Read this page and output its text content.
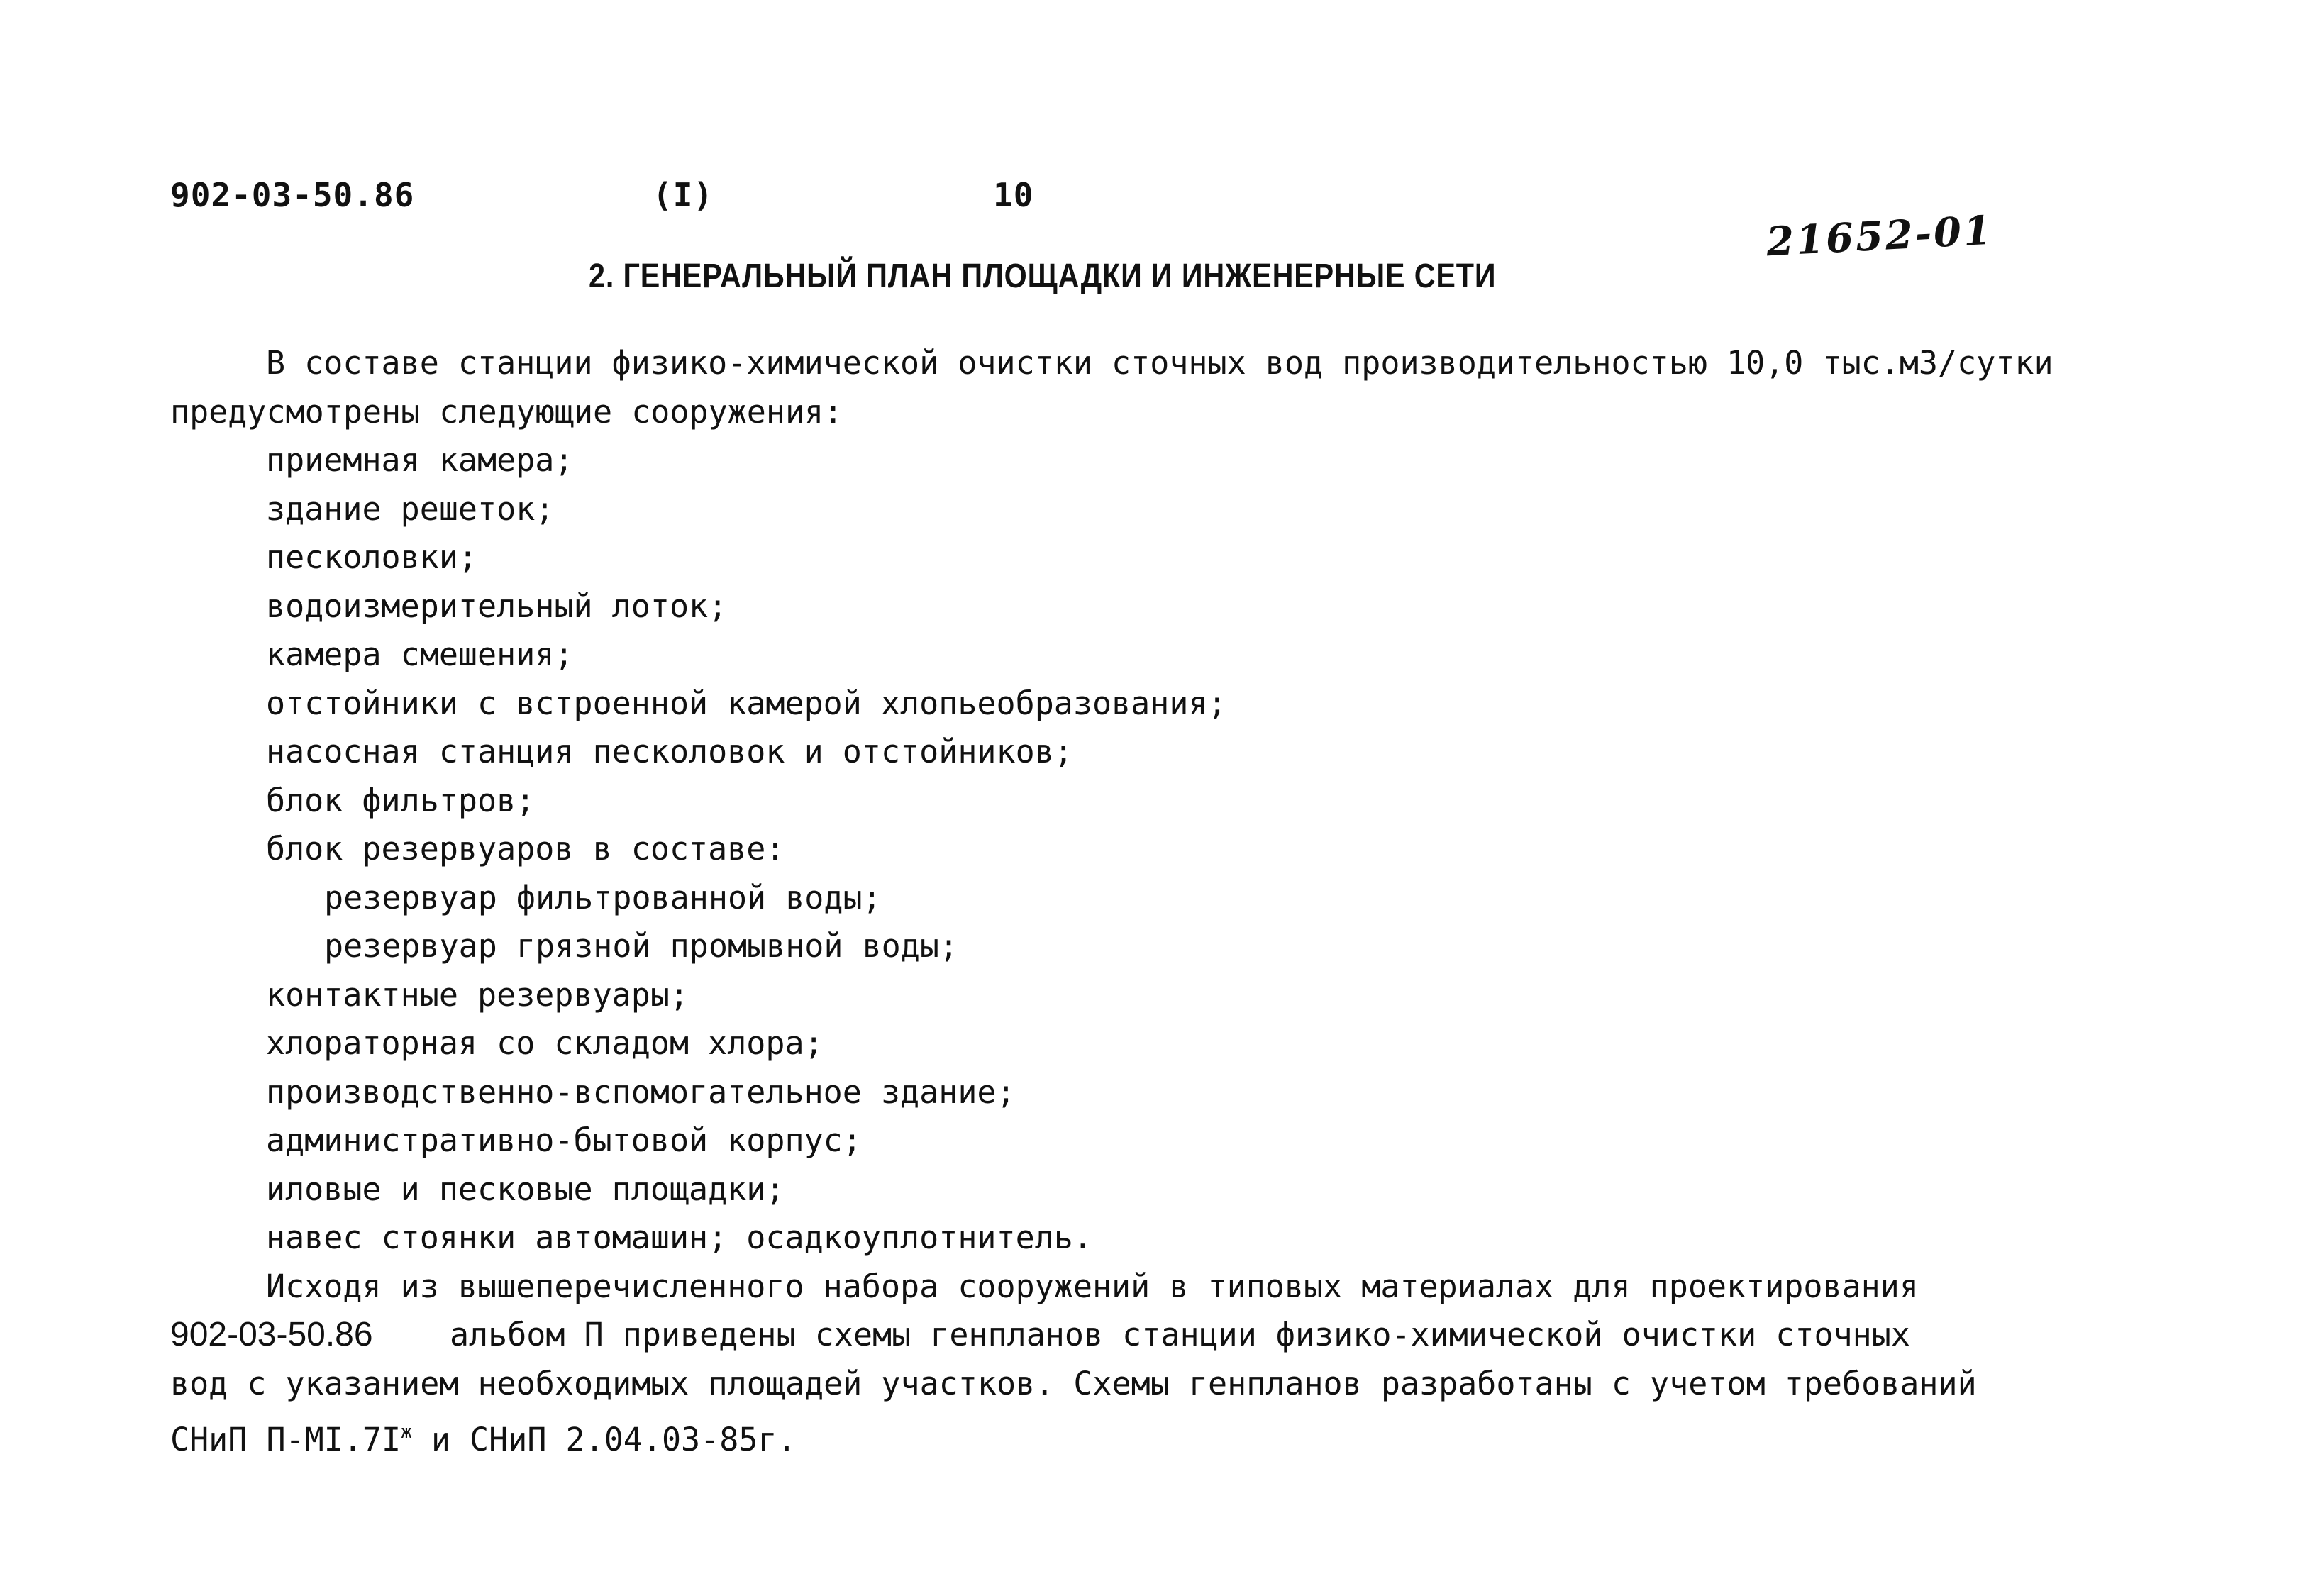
902-03-50.86	(I)	10
21652-01
2. ГЕНЕРАЛЬНЫЙ ПЛАН ПЛОЩАДКИ И ИНЖЕНЕРНЫЕ СЕТИ
В составе станции физико-химической очистки сточных вод производительностью 10,0 тыс.м3/сутки
предусмотрены следующие сооружения:
приемная камера;
здание решеток;
песколовки;
водоизмерительный лоток;
камера смешения;
отстойники с встроенной камерой хлопьеобразования;
насосная станция песколовок и отстойников;
блок фильтров;
блок резервуаров в составе:
резервуар фильтрованной воды;
резервуар грязной промывной воды;
контактные резервуары;
хлораторная со складом хлора;
производственно-вспомогательное здание;
административно-бытовой корпус;
иловые и песковые площадки;
навес стоянки автомашин; осадкоуплотнитель.
Исходя из вышеперечисленного набора сооружений в типовых материалах для проектирования
902-03-50.86 альбом П приведены схемы генпланов станции физико-химической очистки сточных
вод с указанием необходимых площадей участков. Схемы генпланов разработаны с учетом требований
СНиП $П-МI.7I^ж$ и СНиП 2.04.03-85г.
